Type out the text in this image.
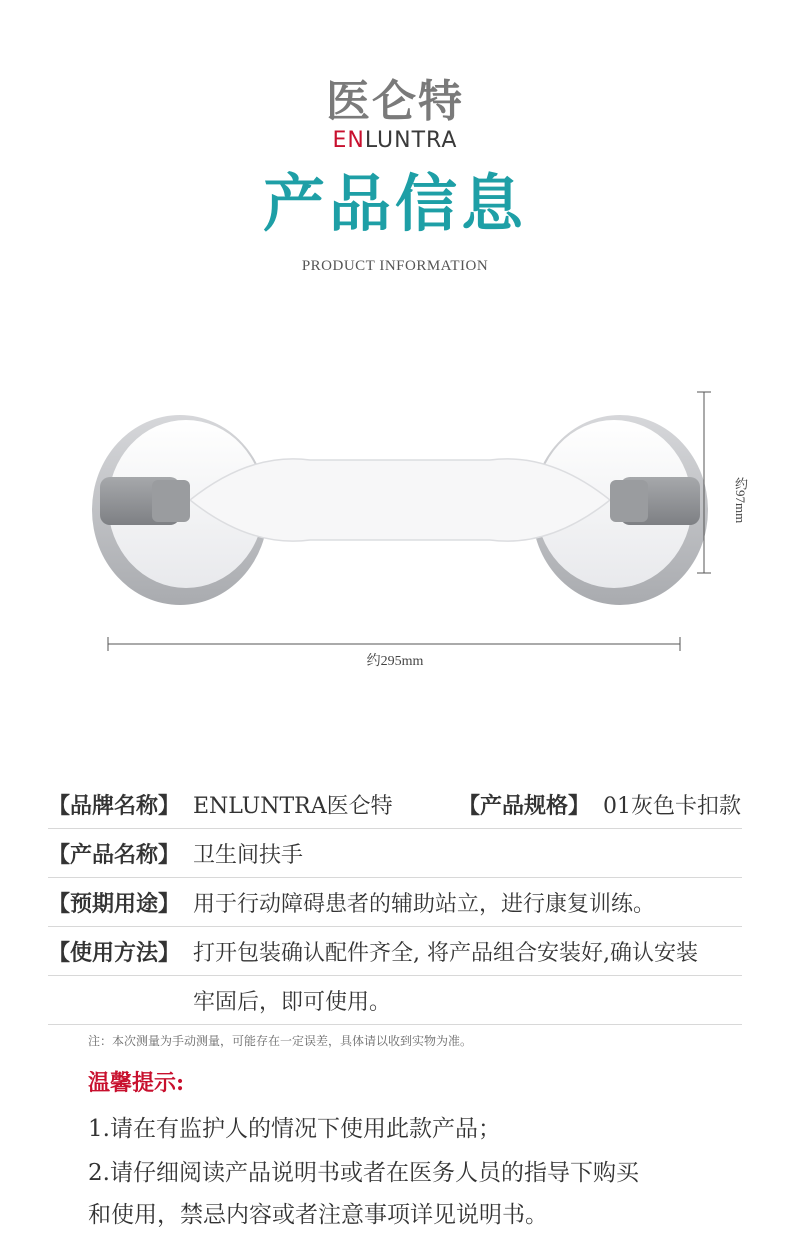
医仑特
ENLUNTRA
产品信息
PRODUCT INFORMATION
约295mm
约97mm
【品牌名称】 ENLUNTRA医仑特	【产品规格】 01灰色卡扣款
【产品名称】 卫生间扶手
【预期用途】 用于行动障碍患者的辅助站立，进行康复训练。
【使用方法】 打开包装确认配件齐全, 将产品组合安装好,确认安装
牢固后，即可使用。
注：本次测量为手动测量，可能存在一定误差，具体请以收到实物为准。
温馨提示:
1.请在有监护人的情况下使用此款产品；
2.请仔细阅读产品说明书或者在医务人员的指导下购买
和使用，禁忌内容或者注意事项详见说明书。
